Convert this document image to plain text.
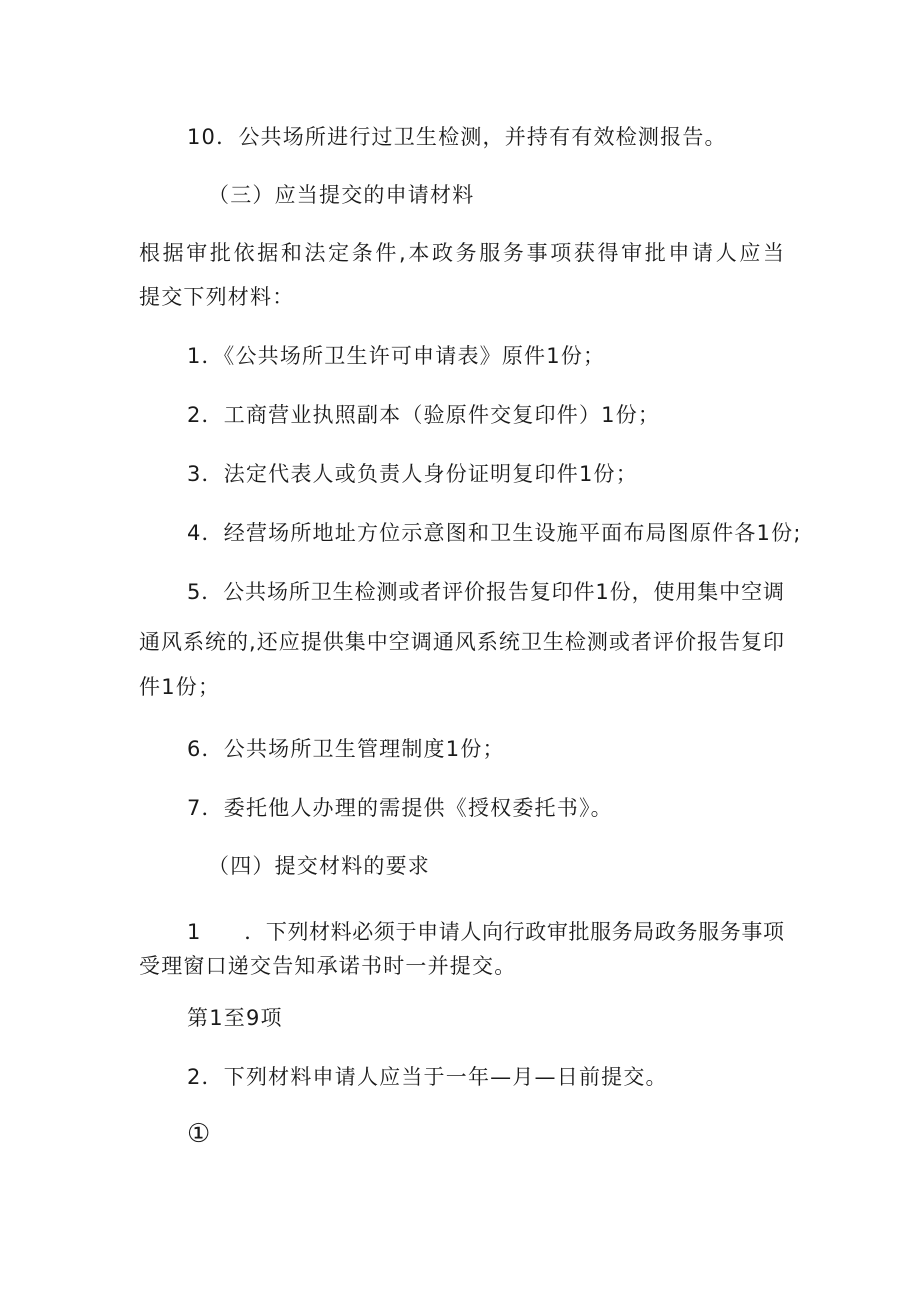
10．公共场所进行过卫生检测，并持有有效检测报告。
（三）应当提交的申请材料
根据审批依据和法定条件,本政务服务事项获得审批申请人应当
提交下列材料：
1．《公共场所卫生许可申请表》原件1份；
2．工商营业执照副本（验原件交复印件）1份；
3．法定代表人或负责人身份证明复印件1份；
4．经营场所地址方位示意图和卫生设施平面布局图原件各1份;
5．公共场所卫生检测或者评价报告复印件1份，使用集中空调
通风系统的,还应提供集中空调通风系统卫生检测或者评价报告复印
件1份；
6．公共场所卫生管理制度1份；
7．委托他人办理的需提供《授权委托书》。
（四）提交材料的要求
1　　．下列材料必须于申请人向行政审批服务局政务服务事项
受理窗口递交告知承诺书时一并提交。
第1至9项
2．下列材料申请人应当于一年—月—日前提交。
①
